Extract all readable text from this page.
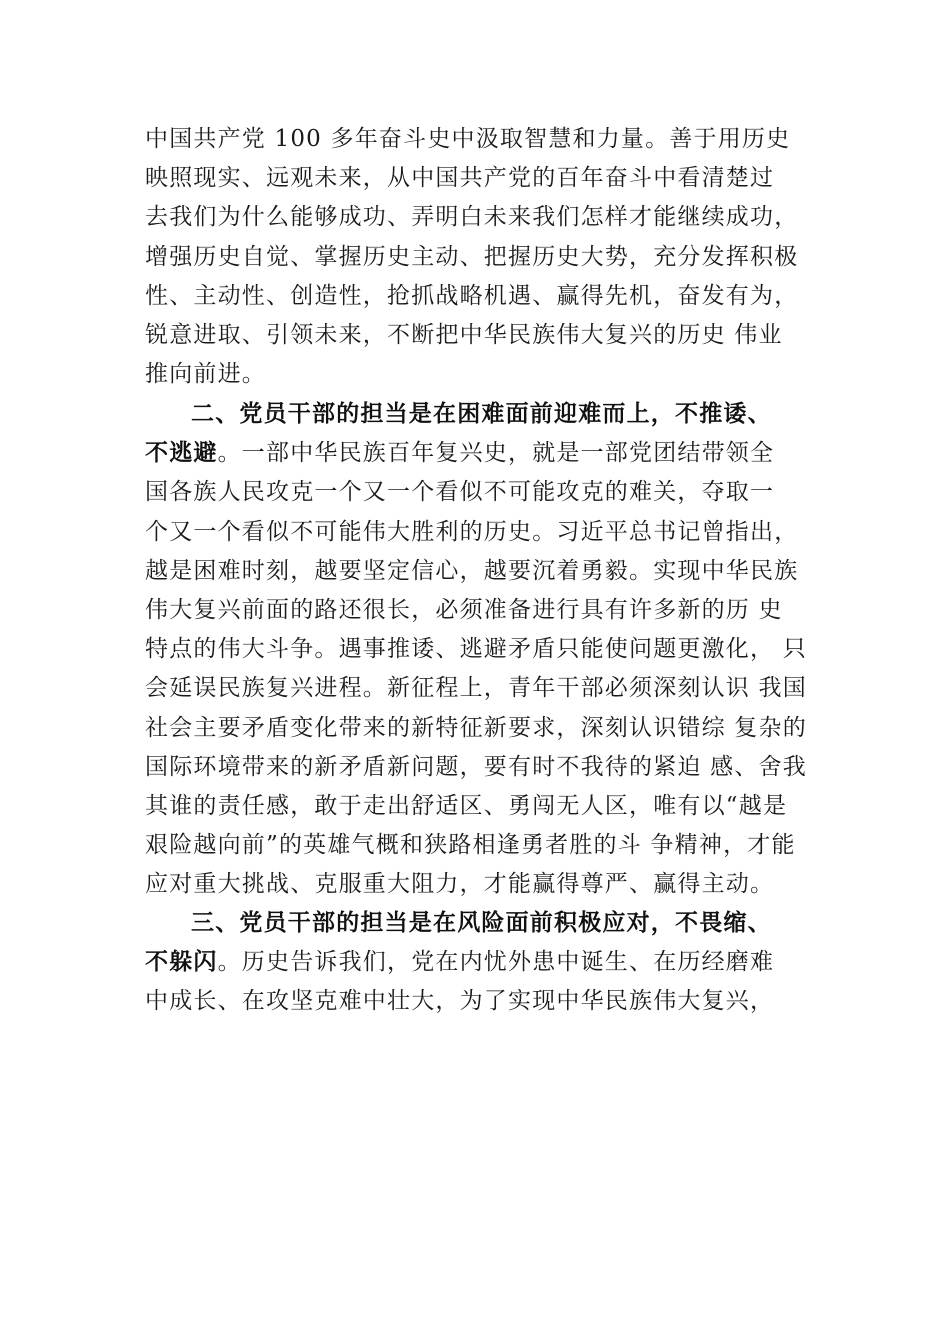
中国共产党 100 多年奋斗史中汲取智慧和力量。善于用历史
映照现实、远观未来，从中国共产党的百年奋斗中看清楚过
去我们为什么能够成功、弄明白未来我们怎样才能继续成功，
增强历史自觉、掌握历史主动、把握历史大势，充分发挥积极
性、主动性、创造性，抢抓战略机遇、赢得先机，奋发有为，
锐意进取、引领未来，不断把中华民族伟大复兴的历史 伟业
推向前进。
二、党员干部的担当是在困难面前迎难而上，不推诿、
不逃避。一部中华民族百年复兴史，就是一部党团结带领全
国各族人民攻克一个又一个看似不可能攻克的难关，夺取一
个又一个看似不可能伟大胜利的历史。习近平总书记曾指出，
越是困难时刻，越要坚定信心，越要沉着勇毅。实现中华民族
伟大复兴前面的路还很长，必须准备进行具有许多新的历 史
特点的伟大斗争。遇事推诿、逃避矛盾只能使问题更激化， 只
会延误民族复兴进程。新征程上，青年干部必须深刻认识 我国
社会主要矛盾变化带来的新特征新要求，深刻认识错综 复杂的
国际环境带来的新矛盾新问题，要有时不我待的紧迫 感、舍我
其谁的责任感，敢于走出舒适区、勇闯无人区，唯有以“越是
艰险越向前”的英雄气概和狭路相逢勇者胜的斗 争精神，才能
应对重大挑战、克服重大阻力，才能赢得尊严、赢得主动。
三、党员干部的担当是在风险面前积极应对，不畏缩、
不躲闪。历史告诉我们，党在内忧外患中诞生、在历经磨难
中成长、在攻坚克难中壮大，为了实现中华民族伟大复兴，
